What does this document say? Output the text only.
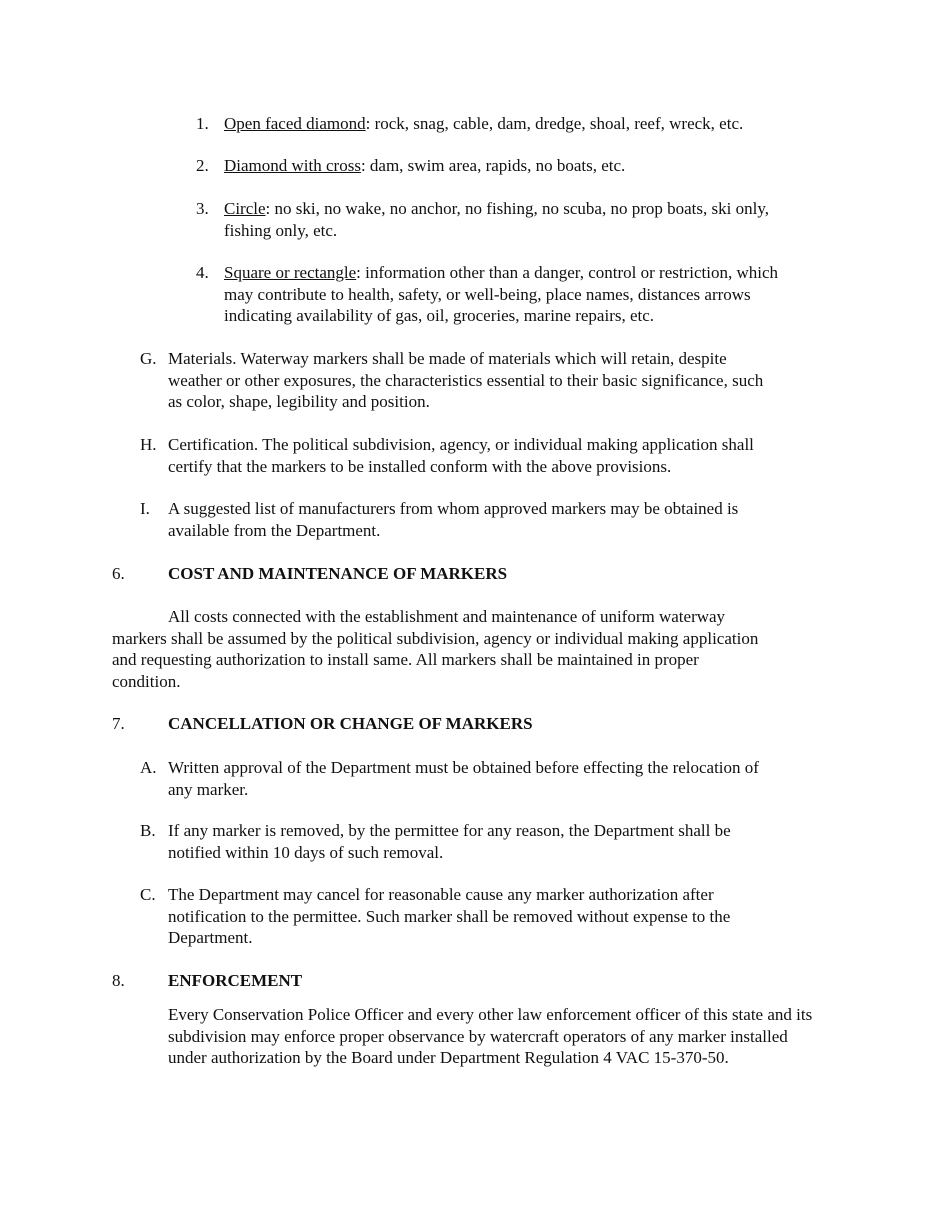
1. Open faced diamond: rock, snag, cable, dam, dredge, shoal, reef, wreck, etc.
2. Diamond with cross: dam, swim area, rapids, no boats, etc.
3. Circle: no ski, no wake, no anchor, no fishing, no scuba, no prop boats, ski only,
fishing only, etc.
4. Square or rectangle: information other than a danger, control or restriction, which
may contribute to health, safety, or well-being, place names, distances arrows
indicating availability of gas, oil, groceries, marine repairs, etc.
G. Materials. Waterway markers shall be made of materials which will retain, despite
weather or other exposures, the characteristics essential to their basic significance, such
as color, shape, legibility and position.
H. Certification. The political subdivision, agency, or individual making application shall
certify that the markers to be installed conform with the above provisions.
I. A suggested list of manufacturers from whom approved markers may be obtained is
available from the Department.
6.	COST AND MAINTENANCE OF MARKERS
All costs connected with the establishment and maintenance of uniform waterway
markers shall be assumed by the political subdivision, agency or individual making application
and requesting authorization to install same. All markers shall be maintained in proper
condition.
7.	CANCELLATION OR CHANGE OF MARKERS
A. Written approval of the Department must be obtained before effecting the relocation of
any marker.
B. If any marker is removed, by the permittee for any reason, the Department shall be
notified within 10 days of such removal.
C. The Department may cancel for reasonable cause any marker authorization after
notification to the permittee. Such marker shall be removed without expense to the
Department.
8.	ENFORCEMENT
Every Conservation Police Officer and every other law enforcement officer of this state and its
subdivision may enforce proper observance by watercraft operators of any marker installed
under authorization by the Board under Department Regulation 4 VAC 15-370-50.
